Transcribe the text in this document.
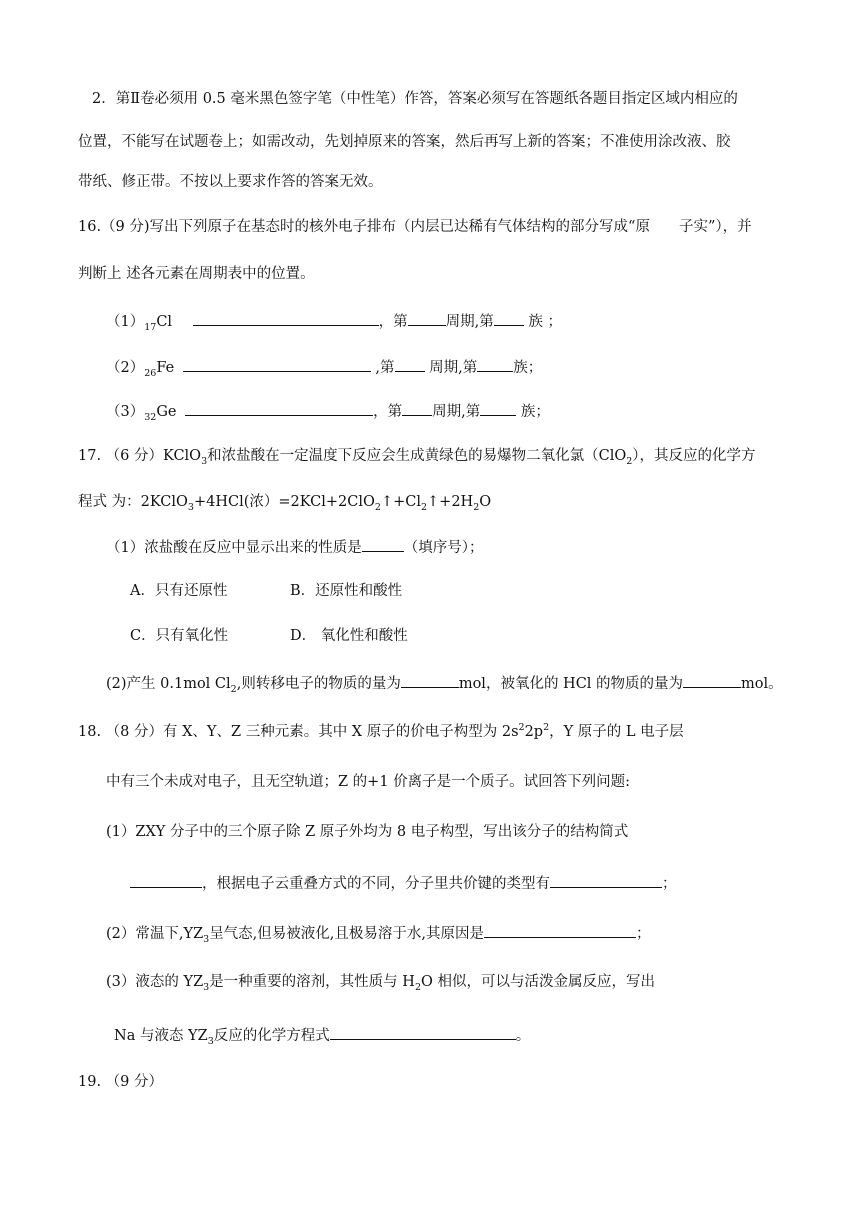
2．第Ⅱ卷必须用 0.5 毫米黑色签字笔（中性笔）作答，答案必须写在答题纸各题目指定区域内相应的
位置，不能写在试题卷上；如需改动，先划掉原来的答案，然后再写上新的答案；不准使用涂改液、胶
带纸、修正带。不按以上要求作答的答案无效。
16.（9 分)写出下列原子在基态时的核外电子排布（内层已达稀有气体结构的部分写成“原　　子实”），并
判断上 述各元素在周期表中的位置。
$(1)_{17}Cl$	，第	周期,第 族 ；
$(2)_{26}Fe$	,第 周期,第 族；
$(3)_{32}Ge$	，第 周期,第 族；
17. （6 分）KClO$_3$和浓盐酸在一定温度下反应会生成黄绿色的易爆物二氧化氯（ClO$_2$），其反应的化学方
程式 为：2KClO$_3$+4HCl(浓）$=2KCl+2ClO_2↑+Cl_2↑+2H_2O$
（1）浓盐酸在反应中显示出来的性质是	（填序号）；
A．只有还原性	B．还原性和酸性
C．只有氧化性	D． 氧化性和酸性
(2)产生 0.1mol $Cl_2$,则转移电子的物质的量为	mol，被氧化的 HCl 的物质的量为	mol。
18. （8 分）有 X、Y、Z 三种元素。其中 X 原子的价电子构型为 $2s^22p^2$，Y 原子的 L 电子层
中有三个未成对电子，且无空轨道；Z 的+1 价离子是一个质子。试回答下列问题:
(1）ZXY 分子中的三个原子除 Z 原子外均为 8 电子构型，写出该分子的结构简式
，根据电子云重叠方式的不同，分子里共价键的类型有	；
(2）常温下$,YZ_3$呈气态,但易被液化,且极易溶于水,其原因是	；
(3）液态的 $YZ_3$是一种重要的溶剂，其性质与 $H_2O$ 相似，可以与活泼金属反应，写出
Na 与液态 $YZ_3$反应的化学方程式	。
19. （9 分）
